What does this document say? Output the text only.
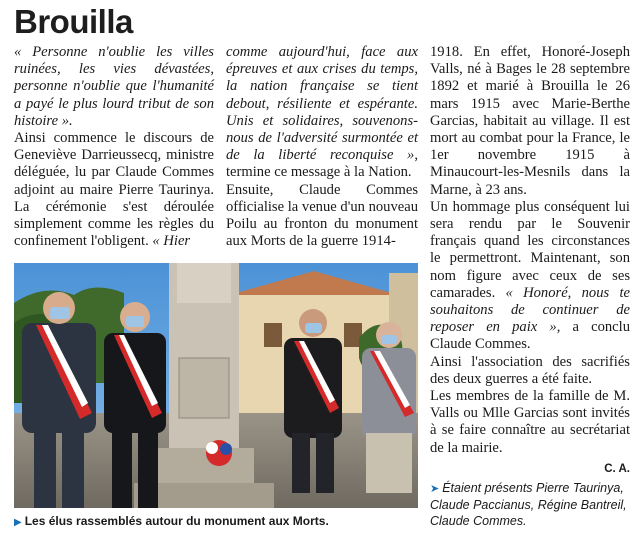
Brouilla

« Personne n'oublie les villes ruinées, les vies dévastées, personne n'oublie que l'humanité a payé le plus lourd tribut de son histoire ».

Ainsi commence le discours de Geneviève Darrieussecq, ministre déléguée, lu par Claude Commes adjoint au maire Pierre Taurinya. La cérémonie s'est déroulée simplement comme les règles du confinement l'obligent. « Hier

comme aujourd'hui, face aux épreuves et aux crises du temps, la nation française se tient debout, résiliente et espérante. Unis et solidaires, souvenons-nous de l'adversité surmontée et de la liberté reconquise », termine ce message à la Nation.

Ensuite, Claude Commes officialise la venue d'un nouveau Poilu au fronton du monument aux Morts de la guerre 1914-

1918. En effet, Honoré-Joseph Valls, né à Bages le 28 septembre 1892 et marié à Brouilla le 26 mars 1915 avec Marie-Berthe Garcias, habitait au village. Il est mort au combat pour la France, le 1er novembre 1915 à Minaucourt-les-Mesnils dans la Marne, à 23 ans.

Un hommage plus conséquent lui sera rendu par le Souvenir français quand les circonstances le permettront. Maintenant, son nom figure avec ceux de ses camarades. « Honoré, nous te souhaitons de continuer de reposer en paix », a conclu Claude Commes.

Ainsi l'association des sacrifiés des deux guerres a été faite.

Les membres de la famille de M. Valls ou Mlle Garcias sont invités à se faire connaître au secrétariat de la mairie.

C. A.

➤ Étaient présents Pierre Taurinya, Claude Paccianus, Régine Bantreil, Claude Commes.

▶ Les élus rassemblés autour du monument aux Morts.
